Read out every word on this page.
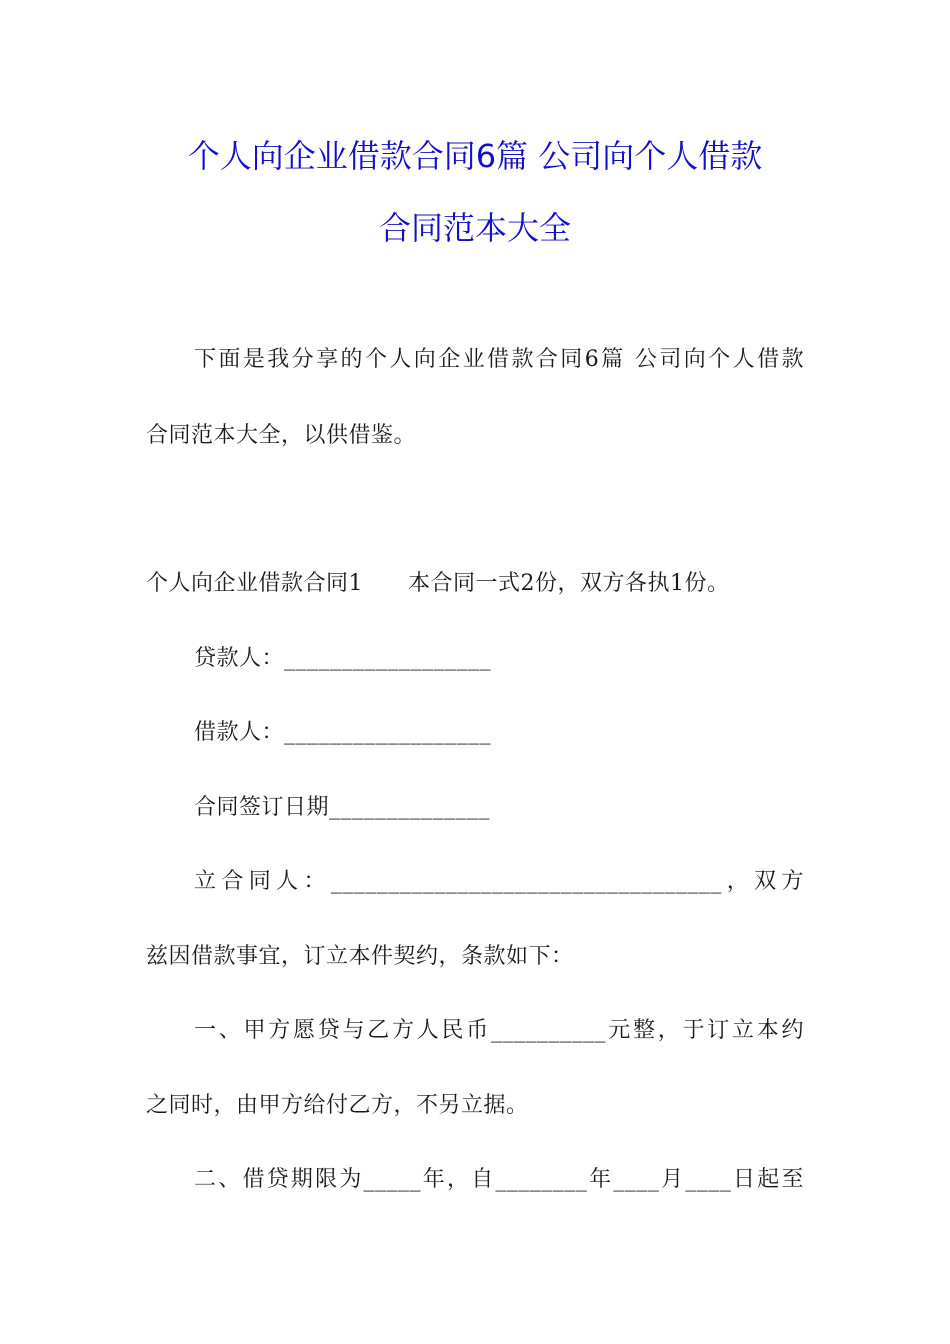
个人向企业借款合同6篇 公司向个人借款
合同范本大全
下面是我分享的个人向企业借款合同6篇 公司向个人借款
合同范本大全，以供借鉴。
个人向企业借款合同1　　本合同一式2份，双方各执1份。
贷款人：__________________
借款人：__________________
合同签订日期______________
立合同人：__________________________________，双方
兹因借款事宜，订立本件契约，条款如下：
一、甲方愿贷与乙方人民币__________元整，于订立本约
之同时，由甲方给付乙方，不另立据。
二、借贷期限为_____年，自________年____月____日起至
